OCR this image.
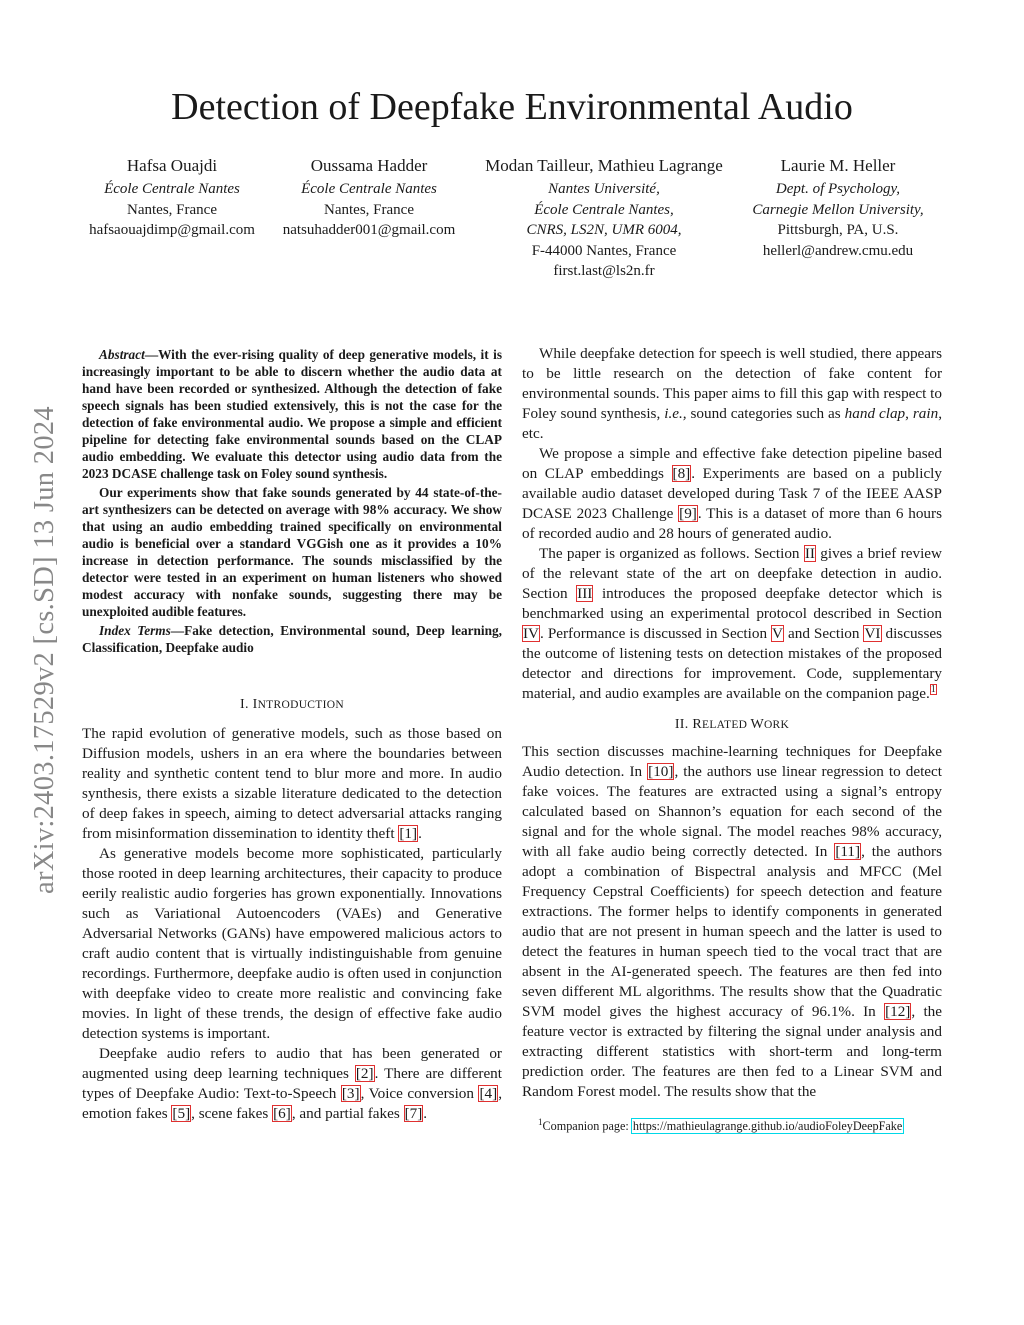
Detection of Deepfake Environmental Audio
arXiv:2403.17529v2 [cs.SD] 13 Jun 2024
Hafsa Ouajdi
École Centrale Nantes
Nantes, France
hafsaouajdimp@gmail.com
Oussama Hadder
École Centrale Nantes
Nantes, France
natsuhadder001@gmail.com
Modan Tailleur, Mathieu Lagrange
Nantes Université,
École Centrale Nantes,
CNRS, LS2N, UMR 6004,
F-44000 Nantes, France
first.last@ls2n.fr
Laurie M. Heller
Dept. of Psychology,
Carnegie Mellon University,
Pittsburgh, PA, U.S.
hellerl@andrew.cmu.edu

Abstract—With the ever-rising quality of deep generative models, it is increasingly important to be able to discern whether the audio data at hand have been recorded or synthesized. Although the detection of fake speech signals has been studied extensively, this is not the case for the detection of fake environmental audio. We propose a simple and efficient pipeline for detecting fake environmental sounds based on the CLAP audio embedding. We evaluate this detector using audio data from the 2023 DCASE challenge task on Foley sound synthesis.

Our experiments show that fake sounds generated by 44 state-of-the-art synthesizers can be detected on average with 98% accuracy. We show that using an audio embedding trained specifically on environmental audio is beneficial over a standard VGGish one as it provides a 10% increase in detection performance. The sounds misclassified by the detector were tested in an experiment on human listeners who showed modest accuracy with nonfake sounds, suggesting there may be unexploited audible features.

Index Terms—Fake detection, Environmental sound, Deep learning, Classification, Deepfake audio

I. INTRODUCTION

The rapid evolution of generative models, such as those based on Diffusion models, ushers in an era where the boundaries between reality and synthetic content tend to blur more and more. In audio synthesis, there exists a sizable literature dedicated to the detection of deep fakes in speech, aiming to detect adversarial attacks ranging from misinformation dissemination to identity theft [1].

As generative models become more sophisticated, particularly those rooted in deep learning architectures, their capacity to produce eerily realistic audio forgeries has grown exponentially. Innovations such as Variational Autoencoders (VAEs) and Generative Adversarial Networks (GANs) have empowered malicious actors to craft audio content that is virtually indistinguishable from genuine recordings. Furthermore, deepfake audio is often used in conjunction with deepfake video to create more realistic and convincing fake movies. In light of these trends, the design of effective fake audio detection systems is important.

Deepfake audio refers to audio that has been generated or augmented using deep learning techniques [2]. There are different types of Deepfake Audio: Text-to-Speech [3], Voice conversion [4], emotion fakes [5], scene fakes [6], and partial fakes [7].

While deepfake detection for speech is well studied, there appears to be little research on the detection of fake content for environmental sounds. This paper aims to fill this gap with respect to Foley sound synthesis, i.e., sound categories such as hand clap, rain, etc.

We propose a simple and effective fake detection pipeline based on CLAP embeddings [8]. Experiments are based on a publicly available audio dataset developed during Task 7 of the IEEE AASP DCASE 2023 Challenge [9]. This is a dataset of more than 6 hours of recorded audio and 28 hours of generated audio.

The paper is organized as follows. Section II gives a brief review of the relevant state of the art on deepfake detection in audio. Section III introduces the proposed deepfake detector which is benchmarked using an experimental protocol described in Section IV. Performance is discussed in Section V and Section VI discusses the outcome of listening tests on detection mistakes of the proposed detector and directions for improvement. Code, supplementary material, and audio examples are available on the companion page.$^1$

II. RELATED WORK

This section discusses machine-learning techniques for Deepfake Audio detection. In [10], the authors use linear regression to detect fake voices. The features are extracted using a signal’s entropy calculated based on Shannon’s equation for each second of the signal and for the whole signal. The model reaches 98% accuracy, with all fake audio being correctly detected. In [11], the authors adopt a combination of Bispectral analysis and MFCC (Mel Frequency Cepstral Coefficients) for speech detection and feature extractions. The former helps to identify components in generated audio that are not present in human speech and the latter is used to detect the features in human speech tied to the vocal tract that are absent in the AI-generated speech. The features are then fed into seven different ML algorithms. The results show that the Quadratic SVM model gives the highest accuracy of 96.1%. In [12], the feature vector is extracted by filtering the signal under analysis and extracting different statistics with short-term and long-term prediction order. The features are then fed to a Linear SVM and Random Forest model. The results show that the

$^1$Companion page: https://mathieulagrange.github.io/audioFoleyDeepFake
